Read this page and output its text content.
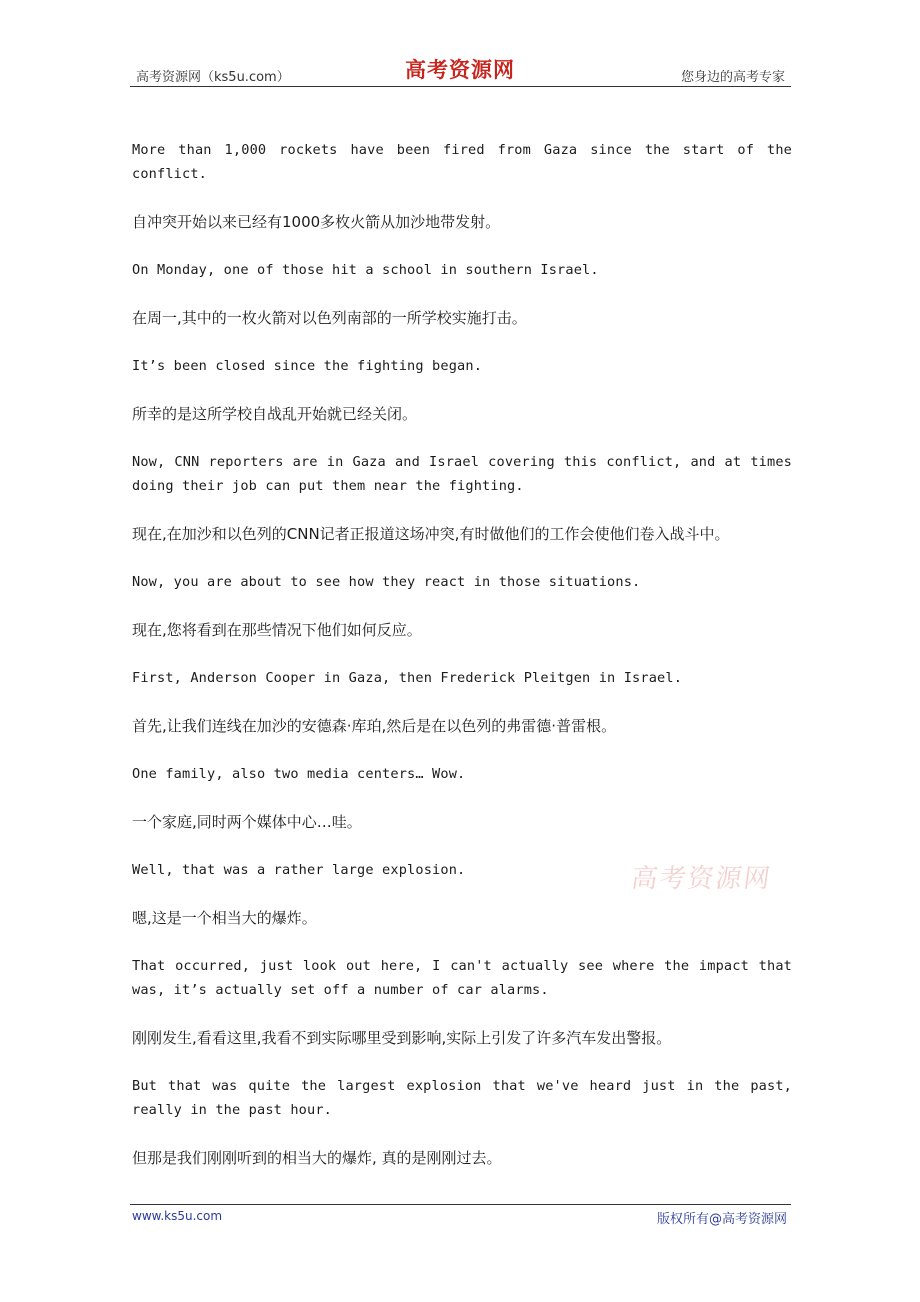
高考资源网（ks5u.com）	高考资源网	您身边的高考专家

More than 1,000 rockets have been fired from Gaza since the start of the conflict.

自冲突开始以来已经有1000多枚火箭从加沙地带发射。

On Monday, one of those hit a school in southern Israel.

在周一,其中的一枚火箭对以色列南部的一所学校实施打击。

It’s been closed since the fighting began.

所幸的是这所学校自战乱开始就已经关闭。

Now, CNN reporters are in Gaza and Israel covering this conflict, and at times doing their job can put them near the fighting.

现在,在加沙和以色列的CNN记者正报道这场冲突,有时做他们的工作会使他们卷入战斗中。

Now, you are about to see how they react in those situations.

现在,您将看到在那些情况下他们如何反应。

First, Anderson Cooper in Gaza, then Frederick Pleitgen in Israel.

首先,让我们连线在加沙的安德森·库珀,然后是在以色列的弗雷德·普雷根。

One family, also two media centers… Wow.

一个家庭,同时两个媒体中心…哇。

Well, that was a rather large explosion.

嗯,这是一个相当大的爆炸。

That occurred, just look out here, I can't actually see where the impact that was, it’s actually set off a number of car alarms.

刚刚发生,看看这里,我看不到实际哪里受到影响,实际上引发了许多汽车发出警报。

But that was quite the largest explosion that we've heard just in the past, really in the past hour.

但那是我们刚刚听到的相当大的爆炸, 真的是刚刚过去。

高考资源网
www.ks5u.com	版权所有@高考资源网
